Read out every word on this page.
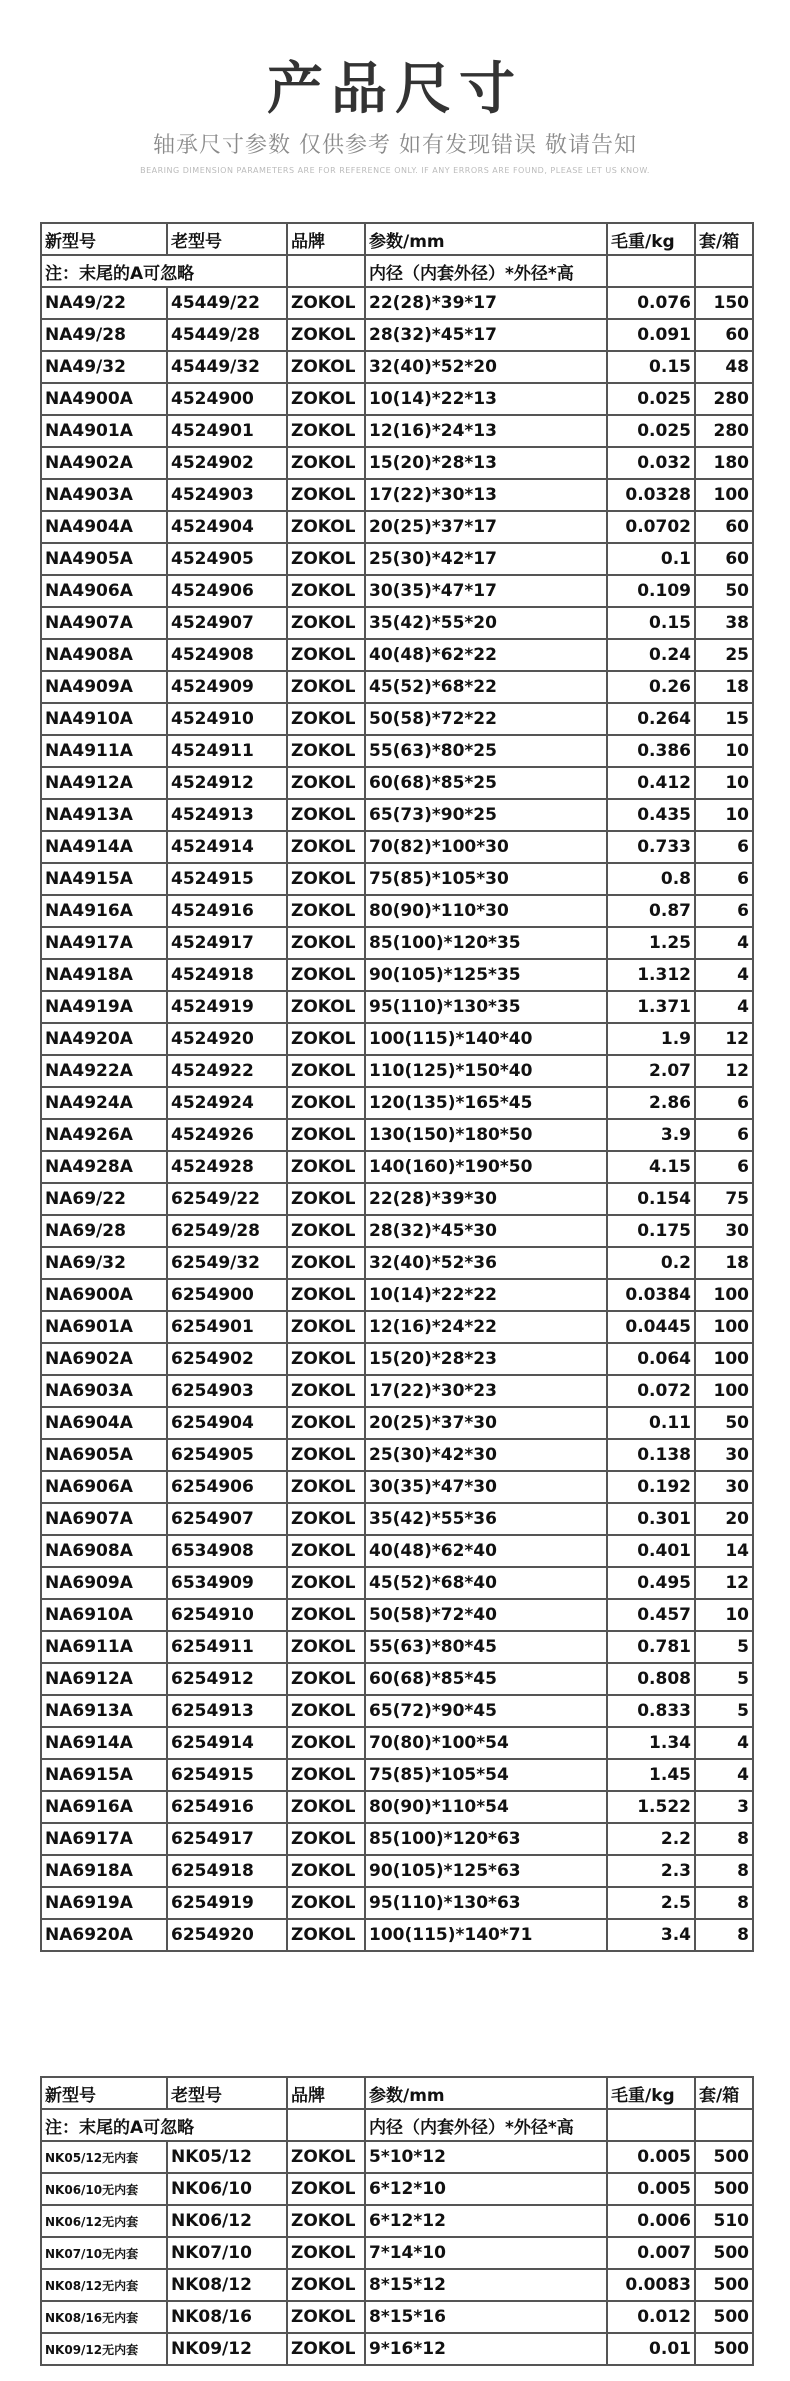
产品尺寸
轴承尺寸参数 仅供参考 如有发现错误 敬请告知
BEARING DIMENSION PARAMETERS ARE FOR REFERENCE ONLY. IF ANY ERRORS ARE FOUND, PLEASE LET US KNOW.
新型号	老型号	品牌	参数/mm	毛重/kg	套/箱
注：末尾的A可忽略			内径（内套外径）*外径*高		
NA49/22	45449/22	ZOKOL	22(28)*39*17	0.076	150
NA49/28	45449/28	ZOKOL	28(32)*45*17	0.091	60
NA49/32	45449/32	ZOKOL	32(40)*52*20	0.15	48
NA4900A	4524900	ZOKOL	10(14)*22*13	0.025	280
NA4901A	4524901	ZOKOL	12(16)*24*13	0.025	280
NA4902A	4524902	ZOKOL	15(20)*28*13	0.032	180
NA4903A	4524903	ZOKOL	17(22)*30*13	0.0328	100
NA4904A	4524904	ZOKOL	20(25)*37*17	0.0702	60
NA4905A	4524905	ZOKOL	25(30)*42*17	0.1	60
NA4906A	4524906	ZOKOL	30(35)*47*17	0.109	50
NA4907A	4524907	ZOKOL	35(42)*55*20	0.15	38
NA4908A	4524908	ZOKOL	40(48)*62*22	0.24	25
NA4909A	4524909	ZOKOL	45(52)*68*22	0.26	18
NA4910A	4524910	ZOKOL	50(58)*72*22	0.264	15
NA4911A	4524911	ZOKOL	55(63)*80*25	0.386	10
NA4912A	4524912	ZOKOL	60(68)*85*25	0.412	10
NA4913A	4524913	ZOKOL	65(73)*90*25	0.435	10
NA4914A	4524914	ZOKOL	70(82)*100*30	0.733	6
NA4915A	4524915	ZOKOL	75(85)*105*30	0.8	6
NA4916A	4524916	ZOKOL	80(90)*110*30	0.87	6
NA4917A	4524917	ZOKOL	85(100)*120*35	1.25	4
NA4918A	4524918	ZOKOL	90(105)*125*35	1.312	4
NA4919A	4524919	ZOKOL	95(110)*130*35	1.371	4
NA4920A	4524920	ZOKOL	100(115)*140*40	1.9	12
NA4922A	4524922	ZOKOL	110(125)*150*40	2.07	12
NA4924A	4524924	ZOKOL	120(135)*165*45	2.86	6
NA4926A	4524926	ZOKOL	130(150)*180*50	3.9	6
NA4928A	4524928	ZOKOL	140(160)*190*50	4.15	6
NA69/22	62549/22	ZOKOL	22(28)*39*30	0.154	75
NA69/28	62549/28	ZOKOL	28(32)*45*30	0.175	30
NA69/32	62549/32	ZOKOL	32(40)*52*36	0.2	18
NA6900A	6254900	ZOKOL	10(14)*22*22	0.0384	100
NA6901A	6254901	ZOKOL	12(16)*24*22	0.0445	100
NA6902A	6254902	ZOKOL	15(20)*28*23	0.064	100
NA6903A	6254903	ZOKOL	17(22)*30*23	0.072	100
NA6904A	6254904	ZOKOL	20(25)*37*30	0.11	50
NA6905A	6254905	ZOKOL	25(30)*42*30	0.138	30
NA6906A	6254906	ZOKOL	30(35)*47*30	0.192	30
NA6907A	6254907	ZOKOL	35(42)*55*36	0.301	20
NA6908A	6534908	ZOKOL	40(48)*62*40	0.401	14
NA6909A	6534909	ZOKOL	45(52)*68*40	0.495	12
NA6910A	6254910	ZOKOL	50(58)*72*40	0.457	10
NA6911A	6254911	ZOKOL	55(63)*80*45	0.781	5
NA6912A	6254912	ZOKOL	60(68)*85*45	0.808	5
NA6913A	6254913	ZOKOL	65(72)*90*45	0.833	5
NA6914A	6254914	ZOKOL	70(80)*100*54	1.34	4
NA6915A	6254915	ZOKOL	75(85)*105*54	1.45	4
NA6916A	6254916	ZOKOL	80(90)*110*54	1.522	3
NA6917A	6254917	ZOKOL	85(100)*120*63	2.2	8
NA6918A	6254918	ZOKOL	90(105)*125*63	2.3	8
NA6919A	6254919	ZOKOL	95(110)*130*63	2.5	8
NA6920A	6254920	ZOKOL	100(115)*140*71	3.4	8
新型号	老型号	品牌	参数/mm	毛重/kg	套/箱
注：末尾的A可忽略			内径（内套外径）*外径*高		
NK05/12无内套	NK05/12	ZOKOL	5*10*12	0.005	500
NK06/10无内套	NK06/10	ZOKOL	6*12*10	0.005	500
NK06/12无内套	NK06/12	ZOKOL	6*12*12	0.006	510
NK07/10无内套	NK07/10	ZOKOL	7*14*10	0.007	500
NK08/12无内套	NK08/12	ZOKOL	8*15*12	0.0083	500
NK08/16无内套	NK08/16	ZOKOL	8*15*16	0.012	500
NK09/12无内套	NK09/12	ZOKOL	9*16*12	0.01	500
